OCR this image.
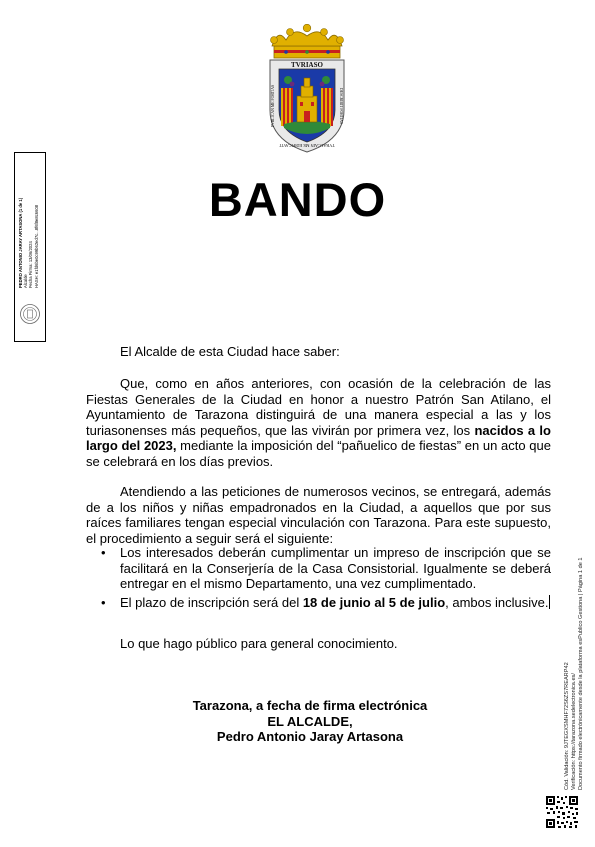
TVRIASO
TVBALCAIN ME EDIFICAVIT
PVBLICAN ME FORTIAS	DESCRIBIT FORTIAS
PEDRO ANTONIO JARAY ARTASONA (1 de 1) Alcalde Fecha Firma: 13/06/2024 HASH: e1fd6be0c99b62ed7c...8f6f8e8c6608
Cód. Validación: 9JTEGXSMHF72S6ZS7REARP42 Verificación: https://tarazona.sedelectronica.es/ Documento firmado electrónicamente desde la plataforma esPublico Gestiona | Página 1 de 1
BANDO
El Alcalde de esta Ciudad hace saber:
Que, como en años anteriores, con ocasión de la celebración de las Fiestas Generales de la Ciudad en honor a nuestro Patrón San Atilano, el Ayuntamiento de Tarazona distinguirá de una manera especial a las y los turiasonenses más pequeños, que las vivirán por primera vez, los nacidos a lo largo del 2023, mediante la imposición del “pañuelico de fiestas” en un acto que se celebrará en los días previos.
Atendiendo a las peticiones de numerosos vecinos, se entregará, además de a los niños y niñas empadronados en la Ciudad, a aquellos que por sus raíces familiares tengan especial vinculación con Tarazona. Para este supuesto, el procedimiento a seguir será el siguiente:
• Los interesados deberán cumplimentar un impreso de inscripción que se facilitará en la Conserjería de la Casa Consistorial. Igualmente se deberá entregar en el mismo Departamento, una vez cumplimentado.
• El plazo de inscripción será del 18 de junio al 5 de julio, ambos inclusive.
Lo que hago público para general conocimiento.
Tarazona, a fecha de firma electrónica
EL ALCALDE,
Pedro Antonio Jaray Artasona
